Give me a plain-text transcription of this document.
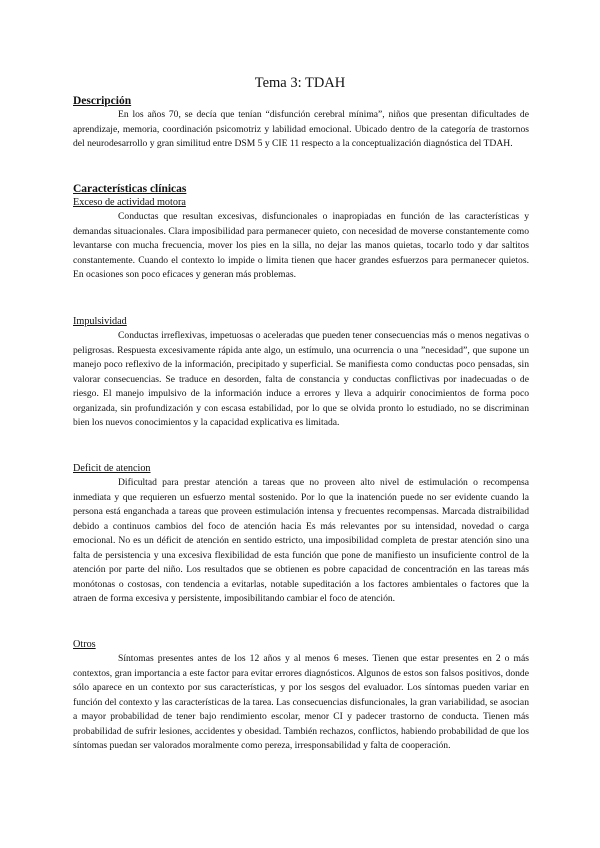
Tema 3: TDAH
Descripción

En los años 70, se decía que tenían “disfunción cerebral mínima”, niños que presentan dificultades de aprendizaje, memoria, coordinación psicomotriz y labilidad emocional. Ubicado dentro de la categoría de trastornos del neurodesarrollo y gran similitud entre DSM 5 y CIE 11 respecto a la conceptualización diagnóstica del TDAH.

Características clínicas
Exceso de actividad motora

Conductas que resultan excesivas, disfuncionales o inapropiadas en función de las características y demandas situacionales. Clara imposibilidad para permanecer quieto, con necesidad de moverse constantemente como levantarse con mucha frecuencia, mover los pies en la silla, no dejar las manos quietas, tocarlo todo y dar saltitos constantemente. Cuando el contexto lo impide o limita tienen que hacer grandes esfuerzos para permanecer quietos. En ocasiones son poco eficaces y generan más problemas.

Impulsividad

Conductas irreflexivas, impetuosas o aceleradas que pueden tener consecuencias más o menos negativas o peligrosas. Respuesta excesivamente rápida ante algo, un estímulo, una ocurrencia o una ”necesidad”, que supone un manejo poco reflexivo de la información, precipitado y superficial. Se manifiesta como conductas poco pensadas, sin valorar consecuencias. Se traduce en desorden, falta de constancia y conductas conflictivas por inadecuadas o de riesgo. El manejo impulsivo de la información induce a errores y lleva a adquirir conocimientos de forma poco organizada, sin profundización y con escasa estabilidad, por lo que se olvida pronto lo estudiado, no se discriminan bien los nuevos conocimientos y la capacidad explicativa es limitada.

Deficit de atencion

Dificultad para prestar atención a tareas que no proveen alto nivel de estimulación o recompensa inmediata y que requieren un esfuerzo mental sostenido. Por lo que la inatención puede no ser evidente cuando la persona está enganchada a tareas que proveen estimulación intensa y frecuentes recompensas. Marcada distraibilidad debido a continuos cambios del foco de atención hacia Es más relevantes por su intensidad, novedad o carga emocional. No es un déficit de atención en sentido estricto, una imposibilidad completa de prestar atención sino una falta de persistencia y una excesiva flexibilidad de esta función que pone de manifiesto un insuficiente control de la atención por parte del niño. Los resultados que se obtienen es pobre capacidad de concentración en las tareas más monótonas o costosas, con tendencia a evitarlas, notable supeditación a los factores ambientales o factores que la atraen de forma excesiva y persistente, imposibilitando cambiar el foco de atención.

Otros

Síntomas presentes antes de los 12 años y al menos 6 meses. Tienen que estar presentes en 2 o más contextos, gran importancia a este factor para evitar errores diagnósticos. Algunos de estos son falsos positivos, donde sólo aparece en un contexto por sus características, y por los sesgos del evaluador. Los síntomas pueden variar en función del contexto y las características de la tarea. Las consecuencias disfuncionales, la gran variabilidad, se asocian a mayor probabilidad de tener bajo rendimiento escolar, menor CI y padecer trastorno de conducta. Tienen más probabilidad de sufrir lesiones, accidentes y obesidad. También rechazos, conflictos, habiendo probabilidad de que los síntomas puedan ser valorados moralmente como pereza, irresponsabilidad y falta de cooperación.
